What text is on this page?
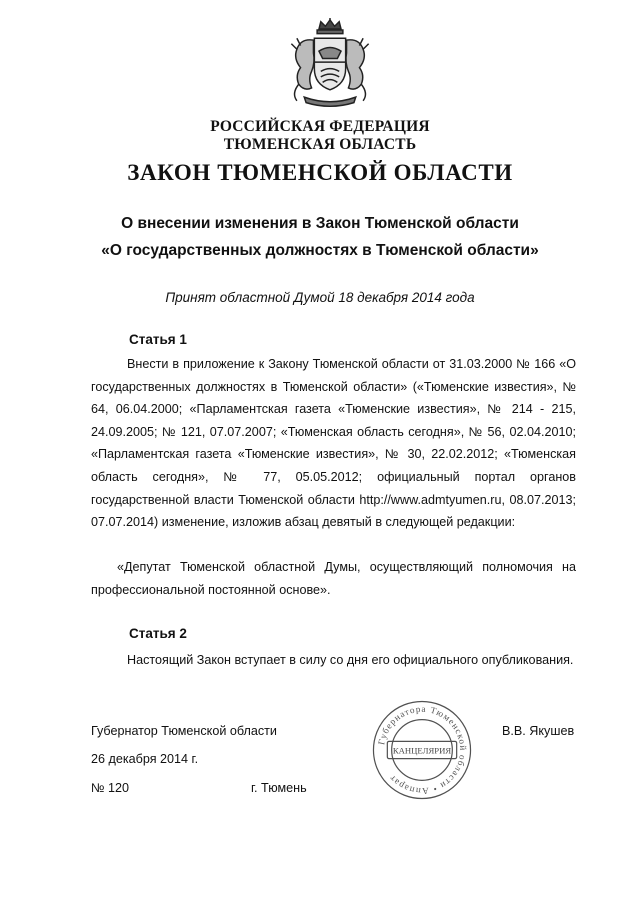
РОССИЙСКАЯ ФЕДЕРАЦИЯ
ТЮМЕНСКАЯ ОБЛАСТЬ
ЗАКОН ТЮМЕНСКОЙ ОБЛАСТИ
О внесении изменения в Закон Тюменской области
«О государственных должностях в Тюменской области»
Принят областной Думой 18 декабря 2014 года
Статья 1
Внести в приложение к Закону Тюменской области от 31.03.2000 № 166 «О государственных должностях в Тюменской области» («Тюменские известия», № 64, 06.04.2000; «Парламентская газета «Тюменские известия», № 214 - 215, 24.09.2005; № 121, 07.07.2007; «Тюменская область сегодня», № 56, 02.04.2010; «Парламентская газета «Тюменские известия», № 30, 22.02.2012; «Тюменская область сегодня», № 77, 05.05.2012; официальный портал органов государственной власти Тюменской области http://www.admtyumen.ru, 08.07.2013; 07.07.2014) изменение, изложив абзац девятый в следующей редакции:
«Депутат Тюменской областной Думы, осуществляющий полномочия на профессиональной постоянной основе».
Статья 2
Настоящий Закон вступает в силу со дня его официального опубликования.
Губернатор Тюменской области	В.В. Якушев
26 декабря 2014 г.
№ 120	г. Тюмень
Губернатора Тюменской области • Аппарат
КАНЦЕЛЯРИЯ
